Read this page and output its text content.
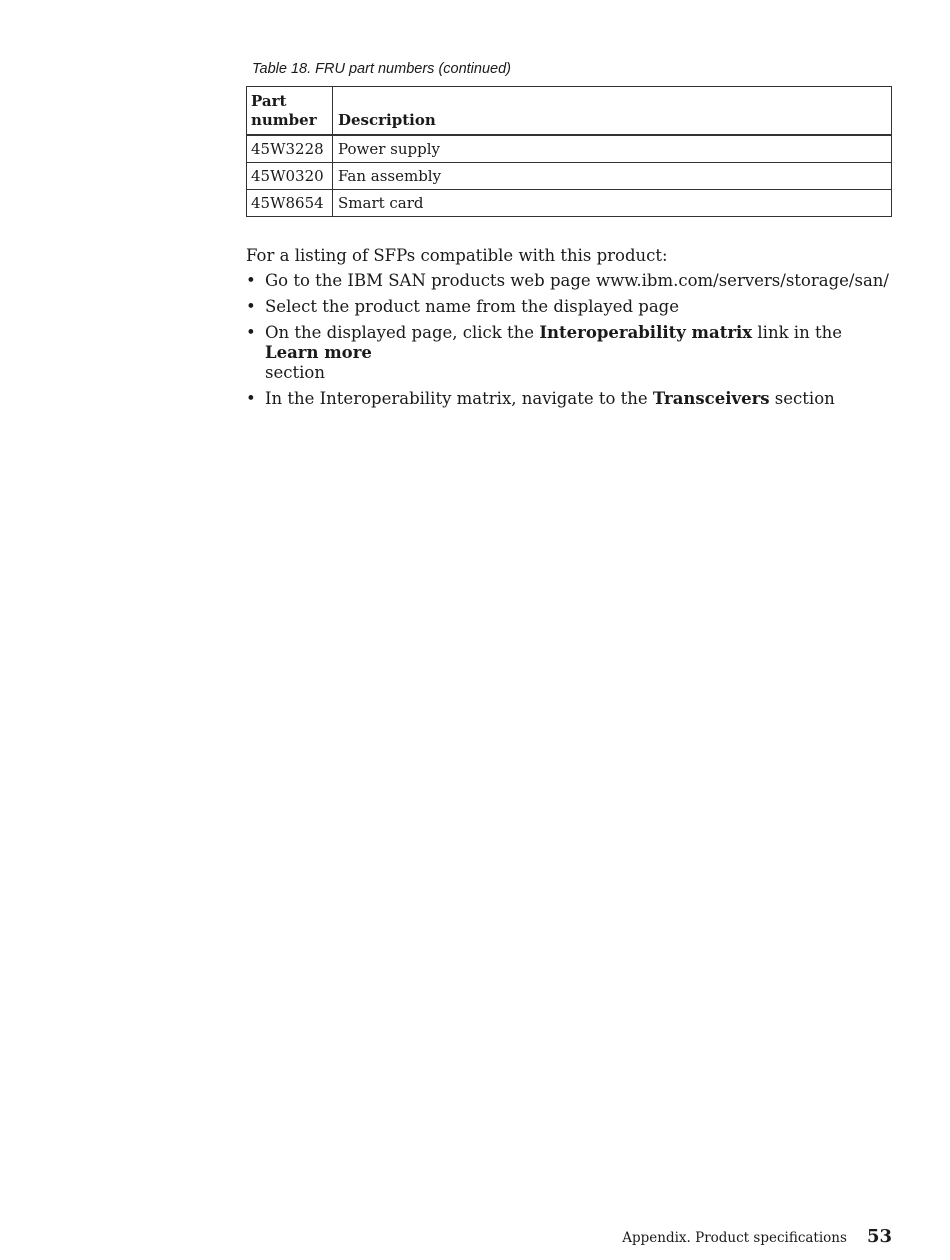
Table 18. FRU part numbers (continued)
Part
number	Description
45W3228	Power supply
45W0320	Fan assembly
45W8654	Smart card
For a listing of SFPs compatible with this product:
• Go to the IBM SAN products web page www.ibm.com/servers/storage/san/
• Select the product name from the displayed page
• On the displayed page, click the Interoperability matrix link in the Learn more
section
• In the Interoperability matrix, navigate to the Transceivers section
Appendix. Product specifications 53
